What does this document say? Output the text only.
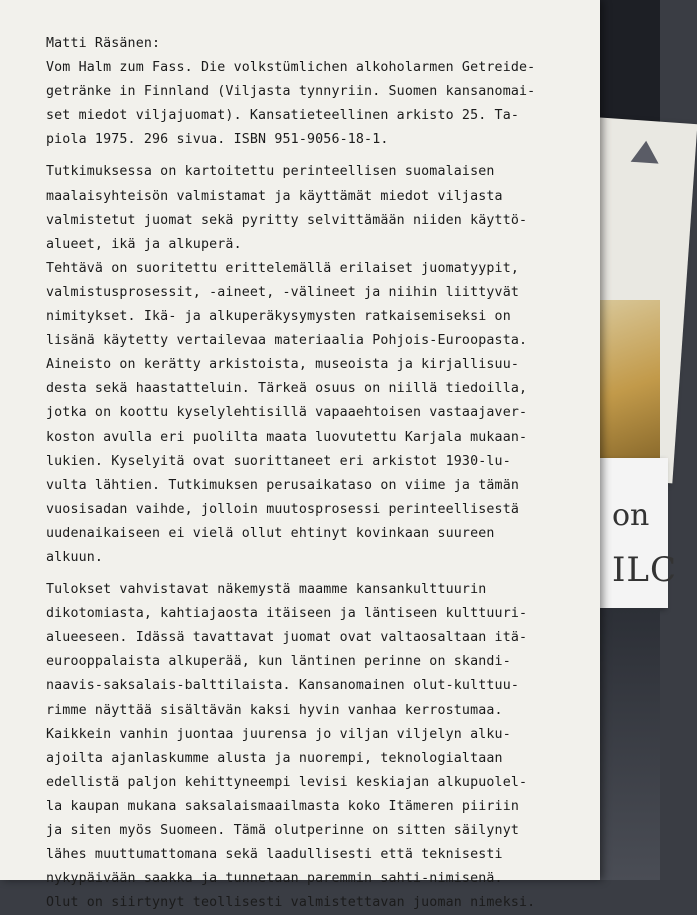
on
ILC
Matti Räsänen:
Vom Halm zum Fass. Die volkstümlichen alkoholarmen Getreide-
getränke in Finnland (Viljasta tynnyriin. Suomen kansanomai-
set miedot viljajuomat). Kansatieteellinen arkisto 25. Ta-
piola 1975. 296 sivua. ISBN 951-9056-18-1.
Tutkimuksessa on kartoitettu perinteellisen suomalaisen
maalaisyhteisön valmistamat ja käyttämät miedot viljasta
valmistetut juomat sekä pyritty selvittämään niiden käyttö-
alueet, ikä ja alkuperä.
Tehtävä on suoritettu erittelemällä erilaiset juomatyypit,
valmistusprosessit, -aineet, -välineet ja niihin liittyvät
nimitykset. Ikä- ja alkuperäkysymysten ratkaisemiseksi on
lisänä käytetty vertailevaa materiaalia Pohjois-Euroopasta.
Aineisto on kerätty arkistoista, museoista ja kirjallisuu-
desta sekä haastatteluin. Tärkeä osuus on niillä tiedoilla,
jotka on koottu kyselylehtisillä vapaaehtoisen vastaajaver-
koston avulla eri puolilta maata luovutettu Karjala mukaan-
lukien. Kyselyitä ovat suorittaneet eri arkistot 1930-lu-
vulta lähtien. Tutkimuksen perusaikataso on viime ja tämän
vuosisadan vaihde, jolloin muutosprosessi perinteellisestä
uudenaikaiseen ei vielä ollut ehtinyt kovinkaan suureen
alkuun.
Tulokset vahvistavat näkemystä maamme kansankulttuurin
dikotomiasta, kahtiajaosta itäiseen ja läntiseen kulttuuri-
alueeseen. Idässä tavattavat juomat ovat valtaosaltaan itä-
eurooppalaista alkuperää, kun läntinen perinne on skandi-
naavis-saksalais-balttilaista. Kansanomainen olut-kulttuu-
rimme näyttää sisältävän kaksi hyvin vanhaa kerrostumaa.
Kaikkein vanhin juontaa juurensa jo viljan viljelyn alku-
ajoilta ajanlaskumme alusta ja nuorempi, teknologialtaan
edellistä paljon kehittyneempi levisi keskiajan alkupuolel-
la kaupan mukana saksalaismaailmasta koko Itämeren piiriin
ja siten myös Suomeen. Tämä olutperinne on sitten säilynyt
lähes muuttumattomana sekä laadullisesti että teknisesti
nykypäivään saakka ja tunnetaan paremmin sahti-nimisenä.
Olut on siirtynyt teollisesti valmistettavan juoman nimeksi.
